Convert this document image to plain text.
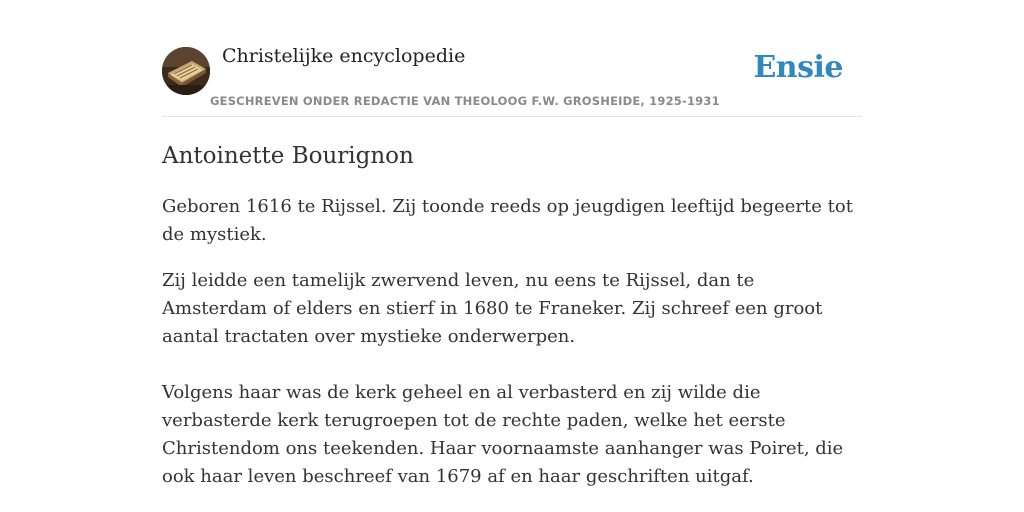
Christelijke encyclopedie
GESCHREVEN ONDER REDACTIE VAN THEOLOOG F.W. GROSHEIDE, 1925-1931
Ensie
Antoinette Bourignon

Geboren 1616 te Rijssel. Zij toonde reeds op jeugdigen leeftijd begeerte tot de mystiek.

Zij leidde een tamelijk zwervend leven, nu eens te Rijssel, dan te Amsterdam of elders en stierf in 1680 te Franeker. Zij schreef een groot aantal tractaten over mystieke onderwerpen.

Volgens haar was de kerk geheel en al verbasterd en zij wilde die verbasterde kerk terugroepen tot de rechte paden, welke het eerste Christendom ons teekenden. Haar voornaamste aanhanger was Poiret, die ook haar leven beschreef van 1679 af en haar geschriften uitgaf.
